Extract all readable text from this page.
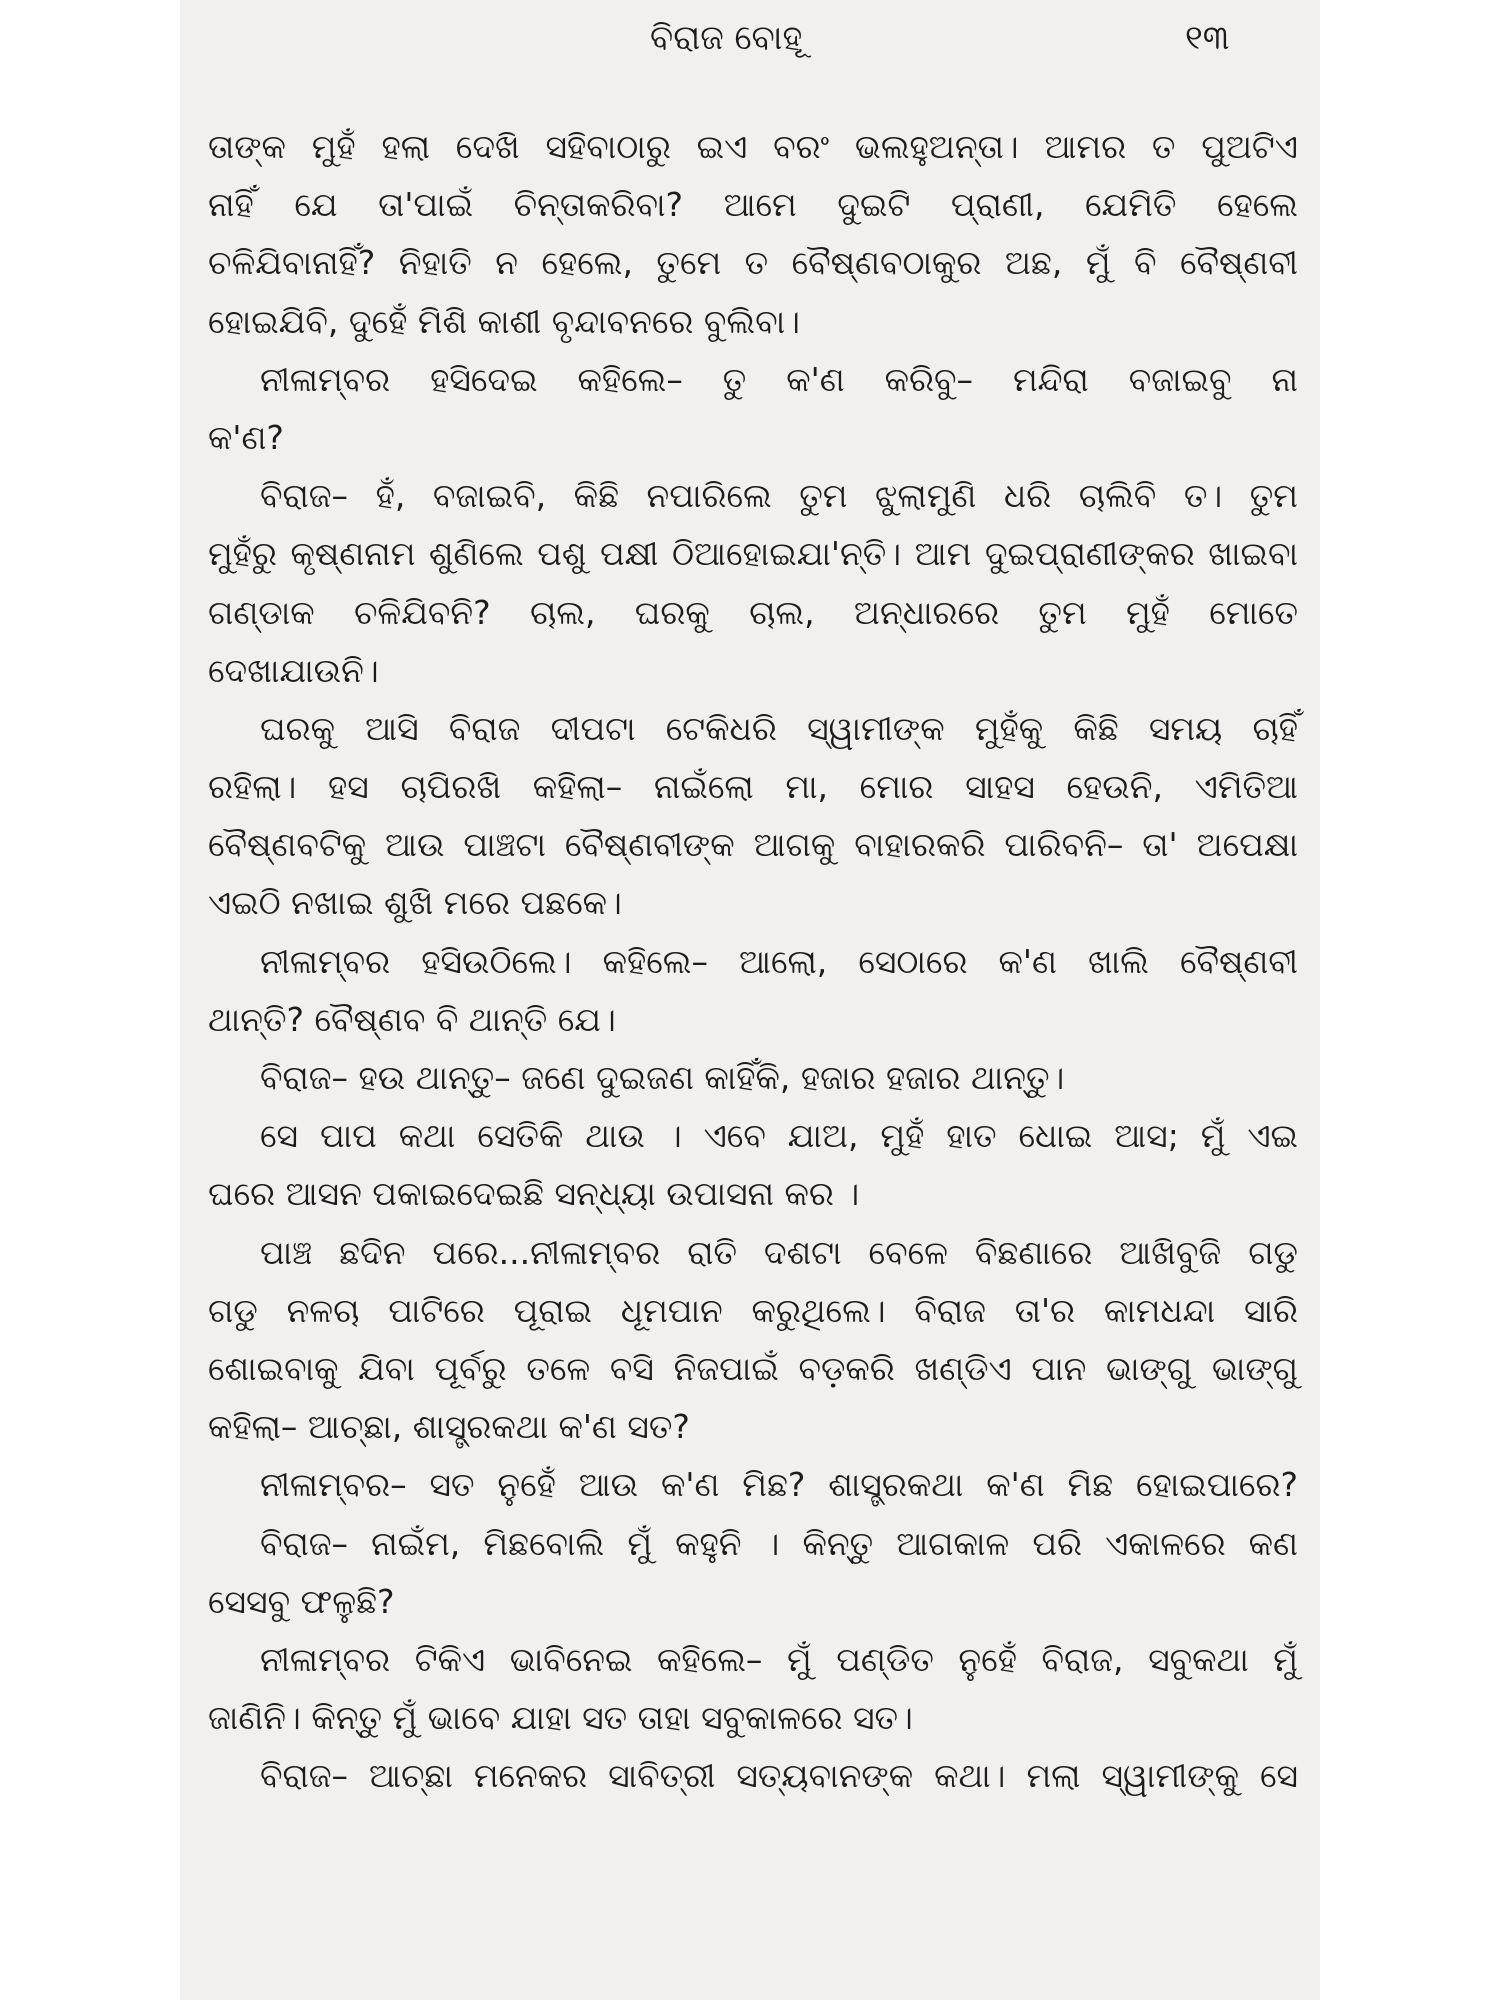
ବିରାଜ ବୋହୂ	୧୩
ତାଙ୍କ ମୁହଁ ହଲା ଦେଖି ସହିବାଠାରୁ ଇଏ ବରଂ ଭଲହୁଅନ୍ତା। ଆମର ତ ପୁଅଟିଏ
ନାହିଁ ଯେ ତା'ପାଇଁ ଚିନ୍ତାକରିବା? ଆମେ ଦୁଇଟି ପ୍ରାଣୀ, ଯେମିତି ହେଲେ
ଚଳିଯିବାନାହିଁ? ନିହାତି ନ ହେଲେ, ତୁମେ ତ ବୈଷ୍ଣବଠାକୁର ଅଛ, ମୁଁ ବି ବୈଷ୍ଣବୀ
ହୋଇଯିବି, ଦୁହେଁ ମିଶି କାଶୀ ବୃନ୍ଦାବନରେ ବୁଲିବା।
ନୀଳାମ୍ବର ହସିଦେଇ କହିଲେ– ତୁ କ'ଣ କରିବୁ– ମନ୍ଦିରା ବଜାଇବୁ ନା
କ'ଣ?
ବିରାଜ– ହଁ, ବଜାଇବି, କିଛି ନପାରିଲେ ତୁମ ଝୁଲାମୁଣି ଧରି ଚାଲିବି ତ। ତୁମ
ମୁହଁରୁ କୃଷ୍ଣନାମ ଶୁଣିଲେ ପଶୁ ପକ୍ଷୀ ଠିଆହୋଇଯା'ନ୍ତି। ଆମ ଦୁଇପ୍ରାଣୀଙ୍କର ଖାଇବା
ଗଣ୍ଡାକ ଚଳିଯିବନି? ଚାଲ, ଘରକୁ ଚାଲ, ଅନ୍ଧାରରେ ତୁମ ମୁହଁ ମୋତେ
ଦେଖାଯାଉନି।
ଘରକୁ ଆସି ବିରାଜ ଦୀପଟା ଟେକିଧରି ସ୍ୱାମୀଙ୍କ ମୁହଁକୁ କିଛି ସମୟ ଚାହିଁ
ରହିଲା। ହସ ଚାପିରଖି କହିଲା– ନାଇଁଲୋ ମା, ମୋର ସାହସ ହେଉନି, ଏମିତିଆ
ବୈଷ୍ଣବଟିକୁ ଆଉ ପାଞ୍ଚଟା ବୈଷ୍ଣବୀଙ୍କ ଆଗକୁ ବାହାରକରି ପାରିବନି– ତା' ଅପେକ୍ଷା
ଏଇଠି ନଖାଇ ଶୁଖି ମରେ ପଛକେ।
ନୀଳାମ୍ବର ହସିଉଠିଲେ। କହିଲେ– ଆଲୋ, ସେଠାରେ କ'ଣ ଖାଲି ବୈଷ୍ଣବୀ
ଥାନ୍ତି? ବୈଷ୍ଣବ ବି ଥାନ୍ତି ଯେ।
ବିରାଜ– ହଉ ଥାନ୍ତୁ– ଜଣେ ଦୁଇଜଣ କାହିଁକି, ହଜାର ହଜାର ଥାନ୍ତୁ।
ସେ ପାପ କଥା ସେତିକି ଥାଉ । ଏବେ ଯାଅ, ମୁହଁ ହାତ ଧୋଇ ଆସ; ମୁଁ ଏଇ
ଘରେ ଆସନ ପକାଇଦେଇଛି ସନ୍ଧ୍ୟା ଉପାସନା କର ।
ପାଞ୍ଚ ଛଦିନ ପରେ...ନୀଳାମ୍ବର ରାତି ଦଶଟା ବେଳେ ବିଛଣାରେ ଆଖିବୁଜି ଗଡୁ
ଗଡୁ ନଳଚା ପାଟିରେ ପୂରାଇ ଧୂମପାନ କରୁଥିଲେ। ବିରାଜ ତା'ର କାମଧନ୍ଦା ସାରି
ଶୋଇବାକୁ ଯିବା ପୂର୍ବରୁ ତଳେ ବସି ନିଜପାଇଁ ବଡ଼କରି ଖଣ୍ଡିଏ ପାନ ଭାଙ୍ଗୁ ଭାଙ୍ଗୁ
କହିଲା– ଆଚ୍ଛା, ଶାସ୍ତ୍ରକଥା କ'ଣ ସତ?
ନୀଳାମ୍ବର– ସତ ନୁହେଁ ଆଉ କ'ଣ ମିଛ? ଶାସ୍ତ୍ରକଥା କ'ଣ ମିଛ ହୋଇପାରେ?
ବିରାଜ– ନାଇଁମ, ମିଛବୋଲି ମୁଁ କହୁନି । କିନ୍ତୁ ଆଗକାଳ ପରି ଏକାଳରେ କଣ
ସେସବୁ ଫଳୁଛି?
ନୀଳାମ୍ବର ଟିକିଏ ଭାବିନେଇ କହିଲେ– ମୁଁ ପଣ୍ଡିତ ନୁହେଁ ବିରାଜ, ସବୁକଥା ମୁଁ
ଜାଣିନି। କିନ୍ତୁ ମୁଁ ଭାବେ ଯାହା ସତ ତାହା ସବୁକାଳରେ ସତ।
ବିରାଜ– ଆଚ୍ଛା ମନେକର ସାବିତ୍ରୀ ସତ୍ୟବାନଙ୍କ କଥା। ମଲା ସ୍ୱାମୀଙ୍କୁ ସେ
